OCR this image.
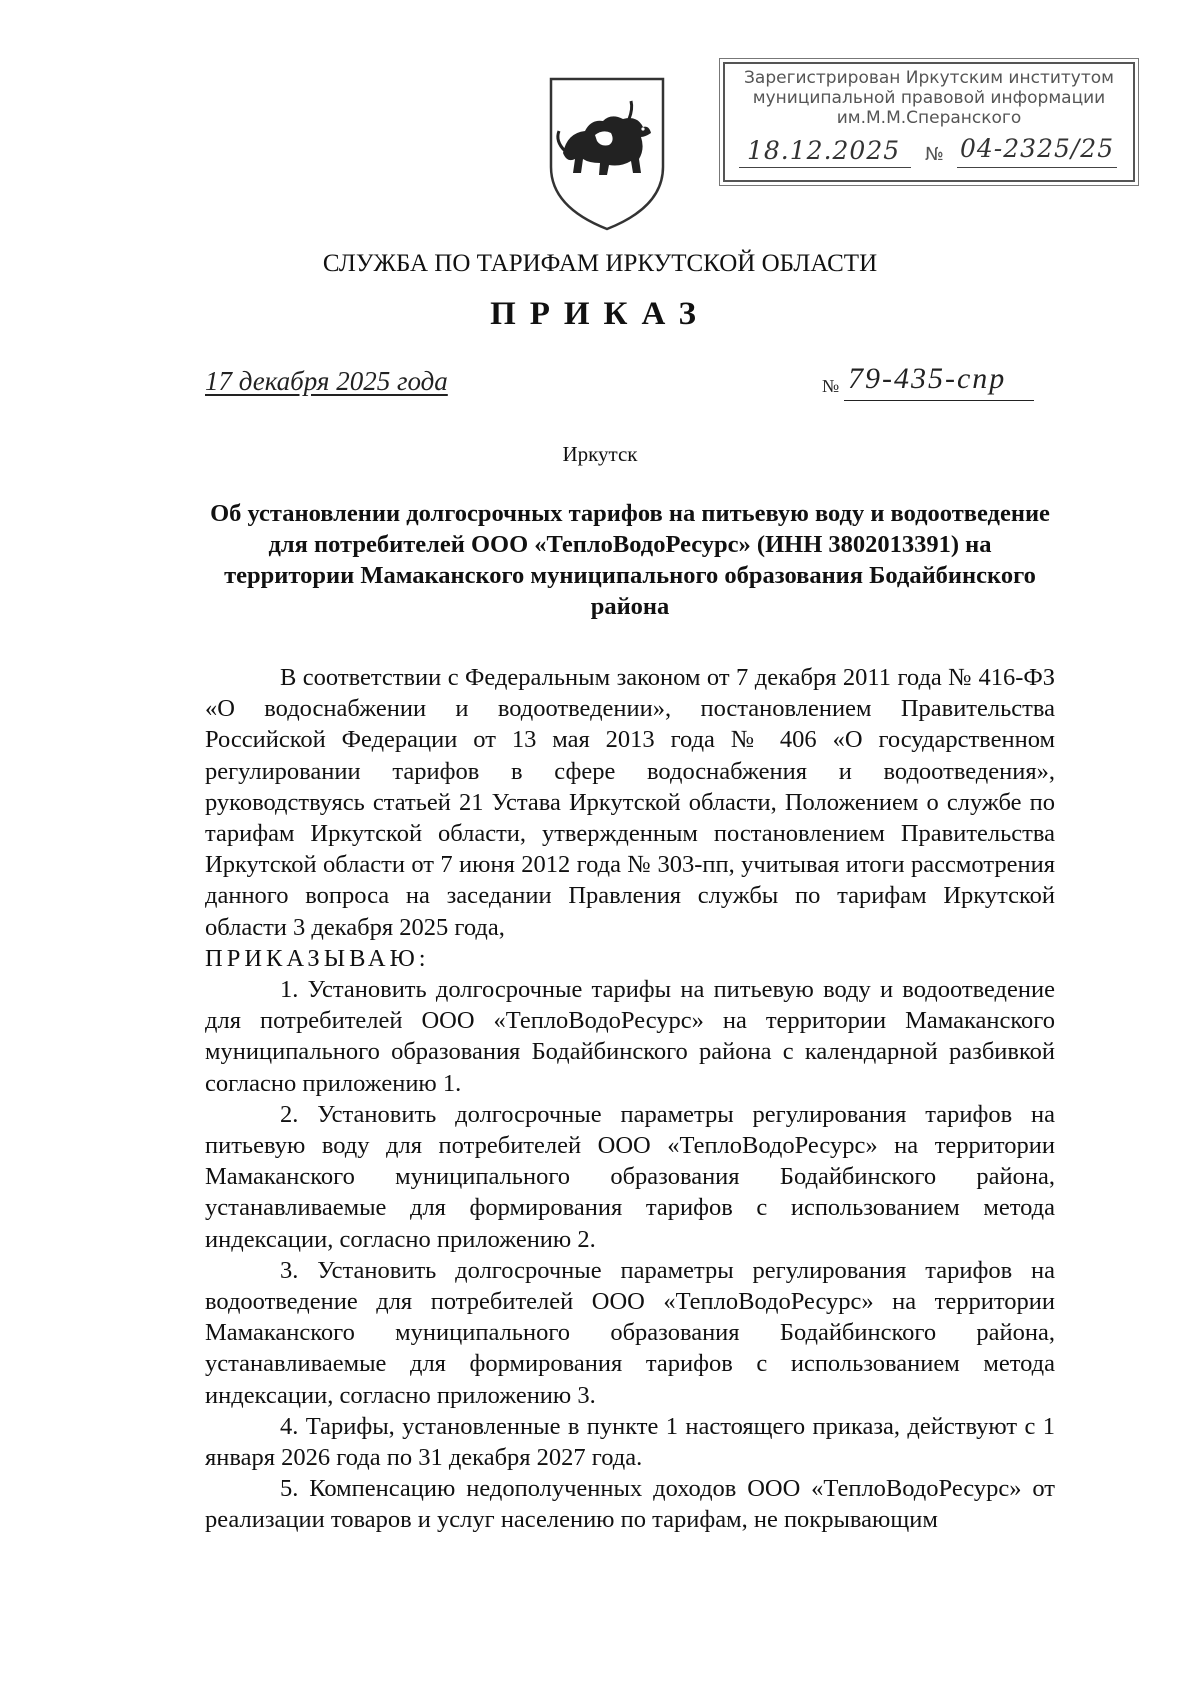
Зарегистрирован Иркутским институтом
муниципальной правовой информации
им.М.М.Сперанского
18.12.2025 № 04-2325/25
СЛУЖБА ПО ТАРИФАМ ИРКУТСКОЙ ОБЛАСТИ
ПРИКАЗ
17 декабря 2025 года	№ 79-435-спр
Иркутск
Об установлении долгосрочных тарифов на питьевую воду и водоотведение для потребителей ООО «ТеплоВодоРесурс» (ИНН 3802013391) на территории Мамаканского муниципального образования Бодайбинского района

В соответствии с Федеральным законом от 7 декабря 2011 года № 416-ФЗ «О водоснабжении и водоотведении», постановлением Правительства Российской Федерации от 13 мая 2013 года № 406 «О государственном регулировании тарифов в сфере водоснабжения и водоотведения», руководствуясь статьей 21 Устава Иркутской области, Положением о службе по тарифам Иркутской области, утвержденным постановлением Правительства Иркутской области от 7 июня 2012 года № 303-пп, учитывая итоги рассмотрения данного вопроса на заседании Правления службы по тарифам Иркутской области 3 декабря 2025 года,

ПРИКАЗЫВАЮ:

1. Установить долгосрочные тарифы на питьевую воду и водоотведение для потребителей ООО «ТеплоВодоРесурс» на территории Мамаканского муниципального образования Бодайбинского района с календарной разбивкой согласно приложению 1.

2. Установить долгосрочные параметры регулирования тарифов на питьевую воду для потребителей ООО «ТеплоВодоРесурс» на территории Мамаканского муниципального образования Бодайбинского района, устанавливаемые для формирования тарифов с использованием метода индексации, согласно приложению 2.

3. Установить долгосрочные параметры регулирования тарифов на водоотведение для потребителей ООО «ТеплоВодоРесурс» на территории Мамаканского муниципального образования Бодайбинского района, устанавливаемые для формирования тарифов с использованием метода индексации, согласно приложению 3.

4. Тарифы, установленные в пункте 1 настоящего приказа, действуют с 1 января 2026 года по 31 декабря 2027 года.

5. Компенсацию недополученных доходов ООО «ТеплоВодоРесурс» от реализации товаров и услуг населению по тарифам, не покрывающим
